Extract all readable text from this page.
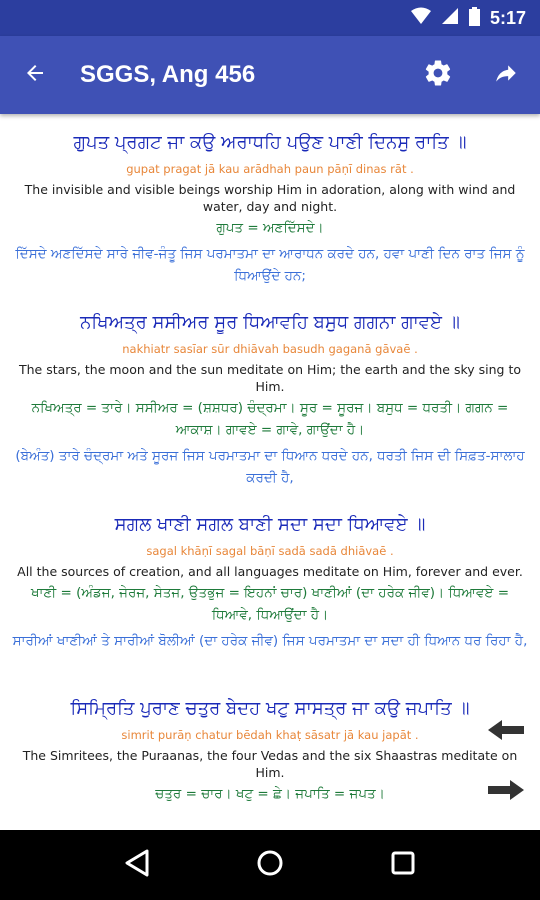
5:17
SGGS, Ang 456
ਗੁਪਤ ਪ੍ਰਗਟ ਜਾ ਕਉ ਅਰਾਧਹਿ ਪਉਣ ਪਾਣੀ ਦਿਨਸੁ ਰਾਤਿ ॥
gupat pragat jā kau arādhah paun pāṇī dinas rāt .
The invisible and visible beings worship Him in adoration, along with wind and water, day and night.
ਗੁਪਤ = ਅਣਦਿੱਸਦੇ।
ਦਿੱਸਦੇ ਅਣਦਿੱਸਦੇ ਸਾਰੇ ਜੀਵ-ਜੰਤੂ ਜਿਸ ਪਰਮਾਤਮਾ ਦਾ ਆਰਾਧਨ ਕਰਦੇ ਹਨ, ਹਵਾ ਪਾਣੀ ਦਿਨ ਰਾਤ ਜਿਸ ਨੂੰ ਧਿਆਉਂਦੇ ਹਨ;
ਨਖਿਅਤ੍ਰ ਸਸੀਅਰ ਸੂਰ ਧਿਆਵਹਿ ਬਸੁਧ ਗਗਨਾ ਗਾਵਏ ॥
nakhiatr sasīar sūr dhiāvah basudh gaganā gāvaē .
The stars, the moon and the sun meditate on Him; the earth and the sky sing to Him.
ਨਖਿਅਤ੍ਰ = ਤਾਰੇ। ਸਸੀਅਰ = (ਸ਼ਸ਼ਧਰ) ਚੰਦ੍ਰਮਾ। ਸੂਰ = ਸੂਰਜ। ਬਸੁਧ = ਧਰਤੀ। ਗਗਨ = ਆਕਾਸ਼। ਗਾਵਏ = ਗਾਵੇ, ਗਾਉਂਦਾ ਹੈ।
(ਬੇਅੰਤ) ਤਾਰੇ ਚੰਦ੍ਰਮਾ ਅਤੇ ਸੂਰਜ ਜਿਸ ਪਰਮਾਤਮਾ ਦਾ ਧਿਆਨ ਧਰਦੇ ਹਨ, ਧਰਤੀ ਜਿਸ ਦੀ ਸਿਫ਼ਤ-ਸਾਲਾਹ ਕਰਦੀ ਹੈ,
ਸਗਲ ਖਾਣੀ ਸਗਲ ਬਾਣੀ ਸਦਾ ਸਦਾ ਧਿਆਵਏ ॥
sagal khāṇī sagal bāṇī sadā sadā dhiāvaē .
All the sources of creation, and all languages meditate on Him, forever and ever.
ਖਾਣੀ = (ਅੰਡਜ, ਜੇਰਜ, ਸੇਤਜ, ਉਤਭੁਜ = ਇਹਨਾਂ ਚਾਰ) ਖਾਣੀਆਂ (ਦਾ ਹਰੇਕ ਜੀਵ)। ਧਿਆਵਏ = ਧਿਆਵੇ, ਧਿਆਉਂਦਾ ਹੈ।
ਸਾਰੀਆਂ ਖਾਣੀਆਂ ਤੇ ਸਾਰੀਆਂ ਬੋਲੀਆਂ (ਦਾ ਹਰੇਕ ਜੀਵ) ਜਿਸ ਪਰਮਾਤਮਾ ਦਾ ਸਦਾ ਹੀ ਧਿਆਨ ਧਰ ਰਿਹਾ ਹੈ,
ਸਿਮ੍ਰਿਤਿ ਪੁਰਾਣ ਚਤੁਰ ਬੇਦਹ ਖਟੁ ਸਾਸਤ੍ਰ ਜਾ ਕਉ ਜਪਾਤਿ ॥
simrit purāṇ chatur bēdah khaṭ sāsatr jā kau japāt .
The Simritees, the Puraanas, the four Vedas and the six Shaastras meditate on Him.
ਚਤੁਰ = ਚਾਰ। ਖਟੁ = ਛੇ। ਜਪਾਤਿ = ਜਪਤ।
